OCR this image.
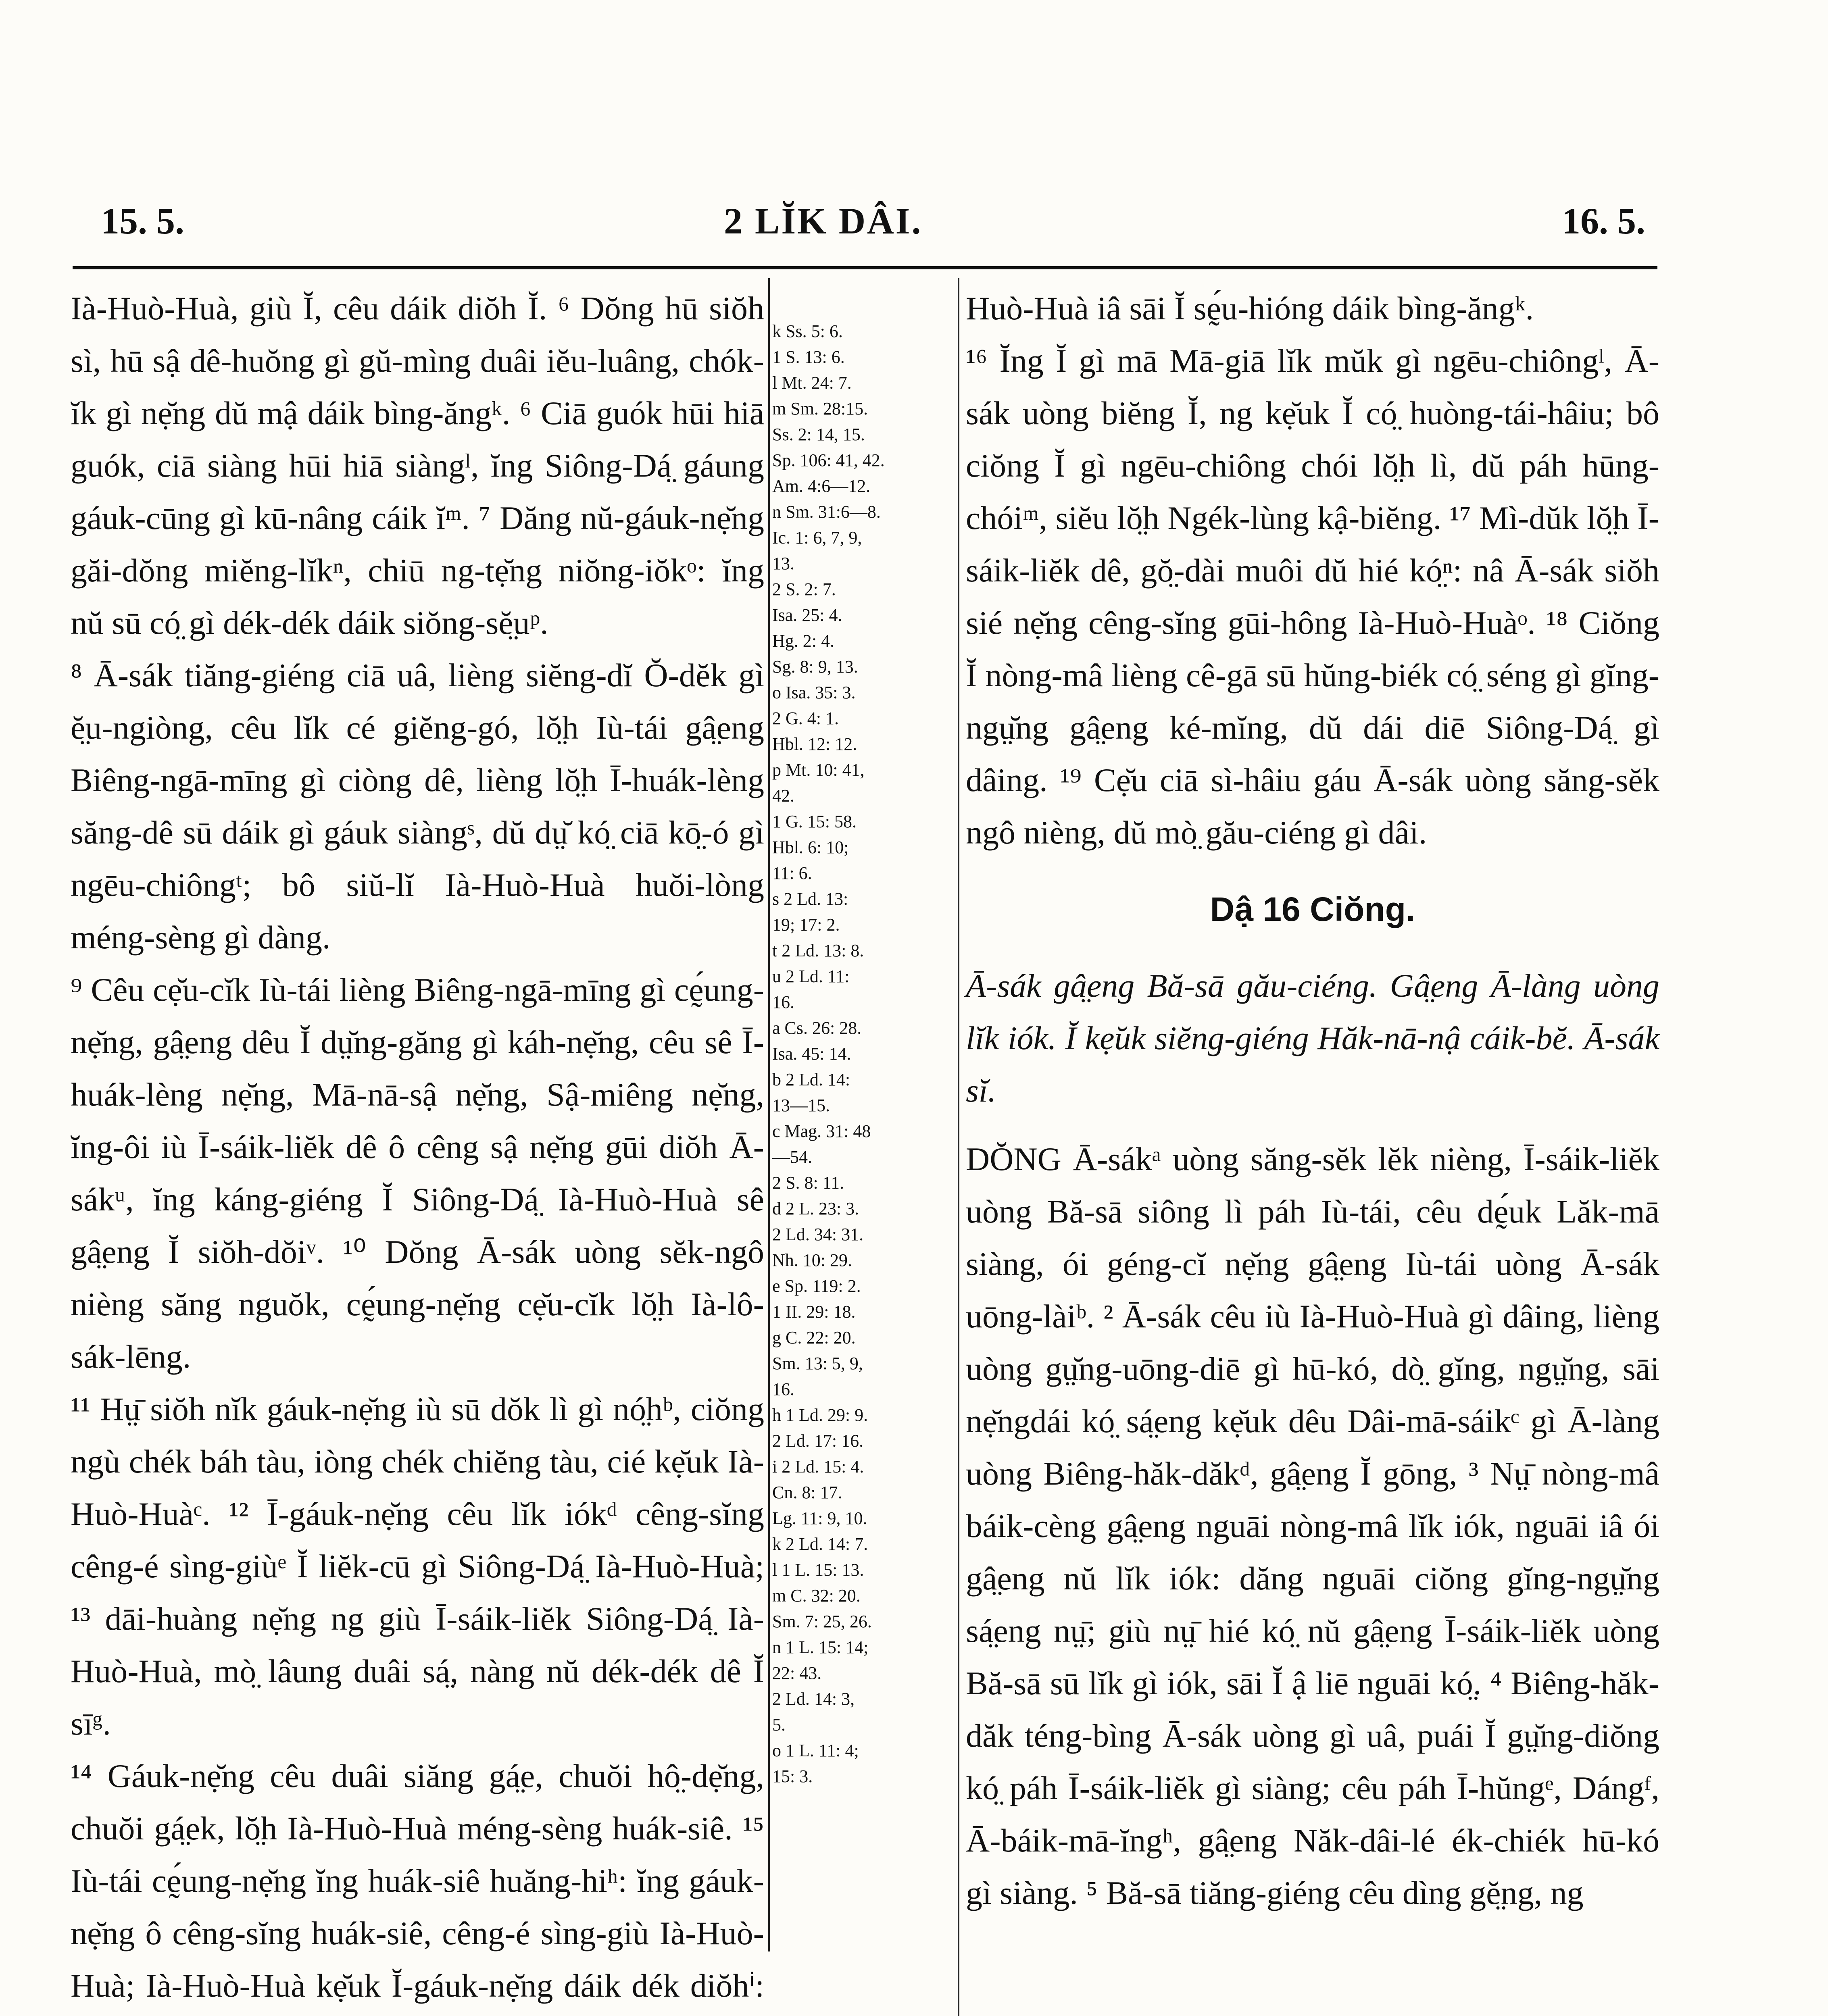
15. 5.	2 LĬK DÂI.	16. 5.

Ià-Huò-Huà, giù Ĭ, cêu dáik diŏh Ĭ. ⁶ Dŏng hū siŏh sì, hū sậ dê-huŏng gì gŭ-mìng duâi iĕu-luâng, chók-ĭk gì nẹ̆ng dŭ mậ dáik bìng-ăngᵏ. ⁶ Ciā guók hūi hiā guók, ciā siàng hūi hiā siàngˡ, ĭng Siông-Dá̤ gáung gáuk-cūng gì kū-nâng cáik ĭᵐ. ⁷ Dăng nŭ-gáuk-nẹ̆ng găi-dŏng miĕng-lĭkⁿ, chiū ng-tẹ̆ng niŏng-iŏkᵒ: ĭng nŭ sū có̤ gì dék-dék dáik siŏng-sĕ̤uᵖ.

⁸ Ā-sák tiăng-giéng ciā uâ, lièng siĕng-dĭ Ŏ-dĕk gì ĕ̤u-ngiòng, cêu lĭk cé giĕng-gó, lŏ̤h Iù-tái gâ̤eng Biêng-ngā-mīng gì ciòng dê, lièng lŏ̤h Ī-huák-lèng săng-dê sū dáik gì gáuk siàngˢ, dŭ dṳ̆ kó̤ ciā kō̤-ó gì ngēu-chiôngᵗ; bô siŭ-lĭ Ià-Huò-Huà huŏi-lòng méng-sèng gì dàng.

⁹ Cêu cẹ̆u-cĭk Iù-tái lièng Biêng-ngā-mīng gì cḛ́ung-nẹ̆ng, gâ̤eng dêu Ĭ dṳ̆ng-găng gì káh-nẹ̆ng, cêu sê Ī-huák-lèng nẹ̆ng, Mā-nā-sậ nẹ̆ng, Sậ-miêng nẹ̆ng, ĭng-ôi iù Ī-sáik-liĕk dê ô cêng sậ nẹ̆ng gūi diŏh Ā-sákᵘ, ĭng káng-giéng Ĭ Siông-Dá̤ Ià-Huò-Huà sê gâ̤eng Ĭ siŏh-dŏiᵛ. ¹⁰ Dŏng Ā-sák uòng sĕk-ngô nièng săng nguŏk, cḛ́ung-nẹ̆ng cẹ̆u-cĭk lŏ̤h Ià-lô-sák-lēng.

¹¹ Hṳ̄ siŏh nĭk gáuk-nẹ̆ng iù sū dŏk lì gì nó̤hᵇ, ciŏng ngù chék báh tàu, iòng chék chiĕng tàu, cié kẹ̆uk Ià-Huò-Huàᶜ. ¹² Ī-gáuk-nẹ̆ng cêu lĭk iókᵈ cêng-sĭng cêng-é sìng-giùᵉ Ĭ liĕk-cū gì Siông-Dá̤ Ià-Huò-Huà; ¹³ dāi-huàng nẹ̆ng ng giù Ī-sáik-liĕk Siông-Dá̤ Ià-Huò-Huà, mò̤ lâung duâi sá̤, nàng nŭ dék-dék dê Ĭ sīᵍ.

¹⁴ Gáuk-nẹ̆ng cêu duâi siăng gá̤e, chuŏi hô̤-dẹ̆ng, chuŏi gá̤ek, lŏ̤h Ià-Huò-Huà méng-sèng huák-siê. ¹⁵ Iù-tái cḛ́ung-nẹ̆ng ĭng huák-siê huăng-hiʰ: ĭng gáuk-nẹ̆ng ô cêng-sĭng huák-siê, cêng-é sìng-giù Ià-Huò-Huà; Ià-Huò-Huà kẹ̆uk Ĭ-gáuk-nẹ̆ng dáik dék diŏhⁱ:

k Ss. 5: 6.
1 S. 13: 6.
l Mt. 24: 7.
m Sm. 28:15.
Ss. 2: 14, 15.
Sp. 106: 41, 42.
Am. 4:6—12.
n Sm. 31:6—8.
Ic. 1: 6, 7, 9,
13.
2 S. 2: 7.
Isa. 25: 4.
Hg. 2: 4.
Sg. 8: 9, 13.
o Isa. 35: 3.
2 G. 4: 1.
Hbl. 12: 12.
p Mt. 10: 41,
42.
1 G. 15: 58.
Hbl. 6: 10;
11: 6.
s 2 Ld. 13:
19; 17: 2.
t 2 Ld. 13: 8.
u 2 Ld. 11:
16.
a Cs. 26: 28.
Isa. 45: 14.
b 2 Ld. 14:
13—15.
c Mag. 31: 48
—54.
2 S. 8: 11.
d 2 L. 23: 3.
2 Ld. 34: 31.
Nh. 10: 29.
e Sp. 119: 2.
1 II. 29: 18.
g C. 22: 20.
Sm. 13: 5, 9,
16.
h 1 Ld. 29: 9.
2 Ld. 17: 16.
i 2 Ld. 15: 4.
Cn. 8: 17.
Lg. 11: 9, 10.
k 2 Ld. 14: 7.
l 1 L. 15: 13.
m C. 32: 20.
Sm. 7: 25, 26.
n 1 L. 15: 14;
22: 43.
2 Ld. 14: 3,
5.
o 1 L. 11: 4;
15: 3.

Huò-Huà iâ sāi Ĭ sḛ́u-hióng dáik bìng-ăngᵏ.

¹⁶ Ĭng Ĭ gì mā Mā-giā lĭk mŭk gì ngēu-chiôngˡ, Ā-sák uòng biĕng Ĭ, ng kẹ̆uk Ĭ có̤ huòng-tái-hâiu; bô ciŏng Ĭ gì ngēu-chiông chói lŏ̤h lì, dŭ páh hūng-chóiᵐ, siĕu lŏ̤h Ngék-lùng kậ-biĕng. ¹⁷ Mì-dŭk lŏ̤h Ī-sáik-liĕk dê, gŏ̤-dài muôi dŭ hié kó̤ⁿ: nâ Ā-sák siŏh sié nẹ̆ng cêng-sĭng gūi-hông Ià-Huò-Huàᵒ. ¹⁸ Ciŏng Ĭ nòng-mâ lièng cê-gā sū hŭng-biék có̤ séng gì gĭng-ngṳ̆ng gâ̤eng ké-mĭng, dŭ dái diē Siông-Dá̤ gì dâing. ¹⁹ Cẹ̆u ciā sì-hâiu gáu Ā-sák uòng săng-sĕk ngô nièng, dŭ mò̤ gău-ciéng gì dâi.

Dậ 16 Ciŏng.

Ā-sák gâ̤eng Bă-sā gău-ciéng. Gâ̤eng Ā-làng uòng lĭk iók. Ĭ kẹ̆uk siĕng-giéng Hăk-nā-nậ cáik-bĕ. Ā-sák sĭ.

DŎNG Ā-sákᵃ uòng săng-sĕk lĕk nièng, Ī-sáik-liĕk uòng Bă-sā siông lì páh Iù-tái, cêu dḛ́uk Lăk-mā siàng, ói géng-cĭ nẹ̆ng gâ̤eng Iù-tái uòng Ā-sák uōng-làiᵇ. ² Ā-sák cêu iù Ià-Huò-Huà gì dâing, lièng uòng gṳ̆ng-uōng-diē gì hū-kó, dò̤ gĭng, ngṳ̆ng, sāi nẹ̆ngdái kó̤ sá̤eng kẹ̆uk dêu Dâi-mā-sáikᶜ gì Ā-làng uòng Biêng-hăk-dăkᵈ, gâ̤eng Ĭ gōng, ³ Nṳ̄ nòng-mâ báik-cèng gâ̤eng nguāi nòng-mâ lĭk iók, nguāi iâ ói gâ̤eng nŭ lĭk iók: dăng nguāi ciŏng gĭng-ngṳ̆ng sá̤eng nṳ̄; giù nṳ̄ hié kó̤ nŭ gâ̤eng Ī-sáik-liĕk uòng Bă-sā sū lĭk gì iók, sāi Ĭ ậ liē nguāi kó̤. ⁴ Biêng-hăk-dăk téng-bìng Ā-sák uòng gì uâ, puái Ĭ gṳ̆ng-diŏng kó̤ páh Ī-sáik-liĕk gì siàng; cêu páh Ī-hŭngᵉ, Dángᶠ, Ā-báik-mā-ĭngʰ, gâ̤eng Năk-dâi-lé ék-chiék hū-kó gì siàng. ⁵ Bă-sā tiăng-giéng cêu dìng gĕ̤ng, ng
